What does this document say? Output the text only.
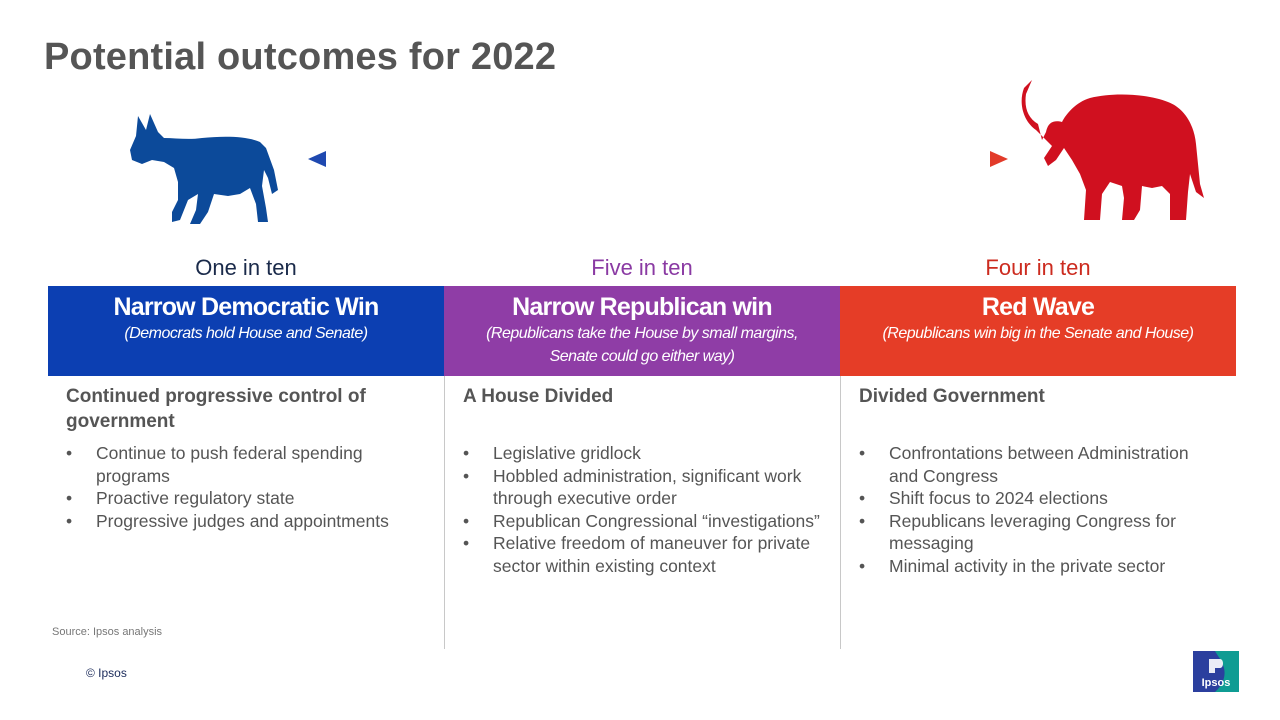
Potential outcomes for 2022
One in ten
Narrow Democratic Win
(Democrats hold House and Senate)
Continued progressive control of government
• Continue to push federal spending programs
• Proactive regulatory state
• Progressive judges and appointments
Five in ten
Narrow Republican win
(Republicans take the House by small margins, Senate could go either way)
A House Divided
• Legislative gridlock
• Hobbled administration, significant work through executive order
• Republican Congressional “investigations”
• Relative freedom of maneuver for private sector within existing context
Four in ten
Red Wave
(Republicans win big in the Senate and House)
Divided Government
• Confrontations between Administration and Congress
• Shift focus to 2024 elections
• Republicans leveraging Congress for messaging
• Minimal activity in the private sector
Source: Ipsos analysis
© Ipsos
Ipsos
